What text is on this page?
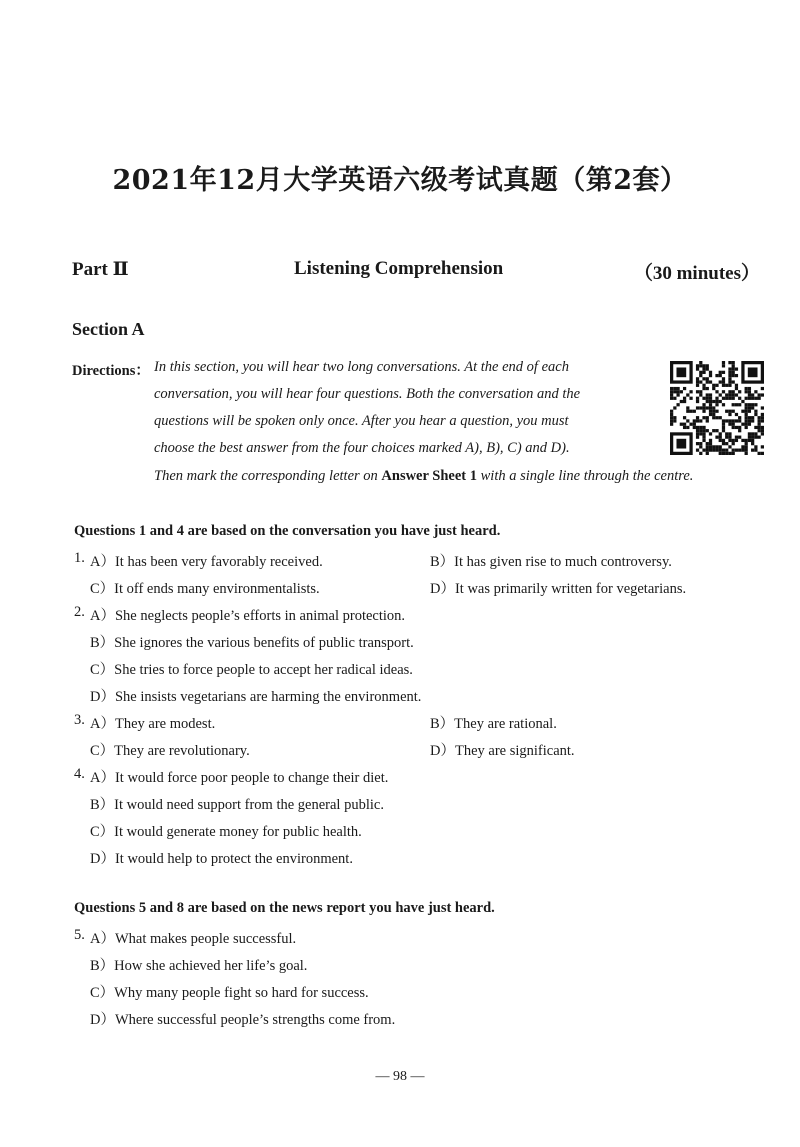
2021年12月大学英语六级考试真题（第2套）
Part Ⅱ	Listening Comprehension	（30 minutes）
Section A
Directions： In this section, you will hear two long conversations. At the end of each
conversation, you will hear four questions. Both the conversation and the
questions will be spoken only once. After you hear a question, you must
choose the best answer from the four choices marked A), B), C) and D).
Then mark the corresponding letter on Answer Sheet 1 with a single line through the centre.
Questions 1 and 4 are based on the conversation you have just heard.
1. A）It has been very favorably received.	B）It has given rise to much controversy.
C）It off ends many environmentalists.	D）It was primarily written for vegetarians.
2. A）She neglects people’s efforts in animal protection.
B）She ignores the various benefits of public transport.
C）She tries to force people to accept her radical ideas.
D）She insists vegetarians are harming the environment.
3. A）They are modest.	B）They are rational.
C）They are revolutionary.	D）They are significant.
4. A）It would force poor people to change their diet.
B）It would need support from the general public.
C）It would generate money for public health.
D）It would help to protect the environment.
Questions 5 and 8 are based on the news report you have just heard.
5. A）What makes people successful.
B）How she achieved her life’s goal.
C）Why many people fight so hard for success.
D）Where successful people’s strengths come from.
— 98 —
